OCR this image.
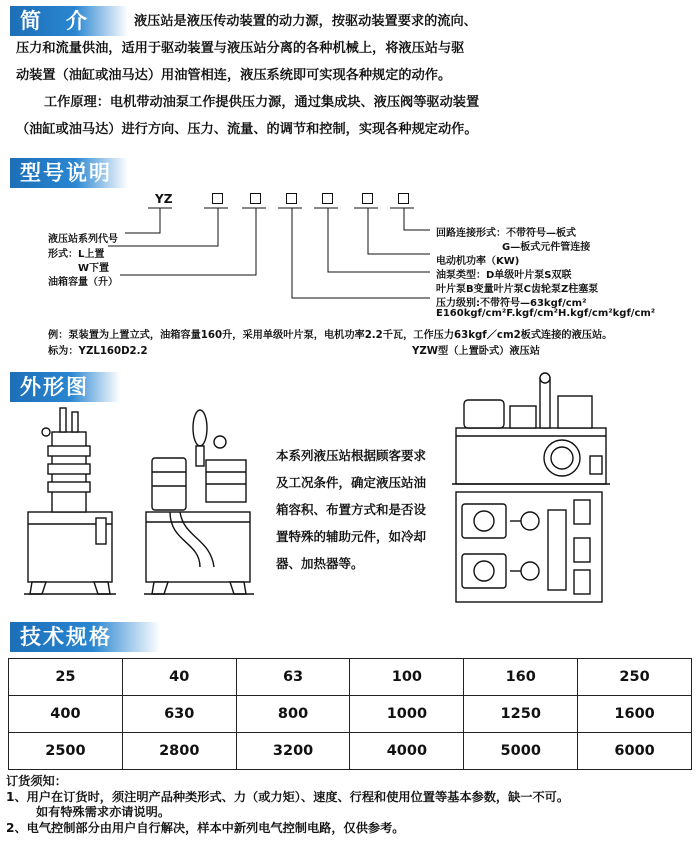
简　介	液压站是液压传动装置的动力源，按驱动装置要求的流向、
压力和流量供油，适用于驱动装置与液压站分离的各种机械上，将液压站与驱
动装置（油缸或油马达）用油管相连，液压系统即可实现各种规定的动作。
工作原理：电机带动油泵工作提供压力源，通过集成块、液压阀等驱动装置
（油缸或油马达）进行方向、压力、流量、的调节和控制，实现各种规定动作。
型号说明
YZ
液压站系列代号
形式：L上置
W下置
油箱容量（升）
回路连接形式：不带符号—板式
G—板式元件管连接
电动机功率（KW)
油泵类型：D单级叶片泵S双联
叶片泵B变量叶片泵C齿轮泵Z柱塞泵
压力级别:不带符号—63kgf/cm²
E160kgf/cm²F.kgf/cm²H.kgf/cm²kgf/cm²
例：泵装置为上置立式，油箱容量160升，采用单级叶片泵，电机功率2.2千瓦，工作压力63kgf／cm2板式连接的液压站。
标为：YZL160D2.2	YZW型（上置卧式）液压站
外形图
本系列液压站根据顾客要求
及工况条件，确定液压站油
箱容积、布置方式和是否设
置特殊的辅助元件，如冷却
器、加热器等。
技术规格
25	40	63	100	160	250
400	630	800	1000	1250	1600
2500	2800	3200	4000	5000	6000
订货须知：
1、用户在订货时，须注明产品种类形式、力（或力矩）、速度、行程和使用位置等基本参数，缺一不可。
如有特殊需求亦请说明。
2、电气控制部分由用户自行解决，样本中新列电气控制电路，仅供参考。
